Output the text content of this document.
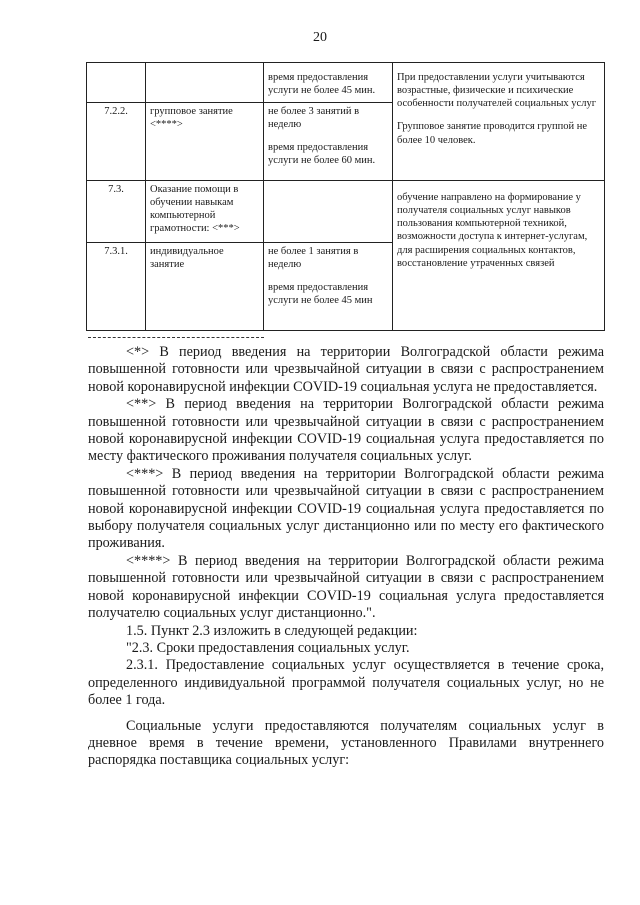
20

		время предоставления услуги не более 45 мин.	При предоставлении услуги учитываются возрастные, физические и психические особенности получателей социальных услуг
Групповое занятие проводится группой не более 10 человек.

7.2.2.	групповое занятие <****>	не более 3 занятий в неделю
время предоставления услуги не более 60 мин.	

7.3.	Оказание помощи в обучении навыкам компьютерной грамотности: <***>		обучение направлено на формирование у получателя социальных услуг навыков пользования компьютерной техникой, возможности доступа к интернет-услугам, для расширения социальных контактов, восстановление утраченных связей

7.3.1.	индивидуальное занятие	не более 1 занятия в неделю
время предоставления услуги не более 45 мин	

<*> В период введения на территории Волгоградской области режима повышенной готовности или чрезвычайной ситуации в связи с распространением новой коронавирусной инфекции COVID-19 социальная услуга не предоставляется.

<**> В период введения на территории Волгоградской области режима повышенной готовности или чрезвычайной ситуации в связи с распространением новой коронавирусной инфекции COVID-19 социальная услуга предоставляется по месту фактического проживания получателя социальных услуг.

<***> В период введения на территории Волгоградской области режима повышенной готовности или чрезвычайной ситуации в связи с распространением новой коронавирусной инфекции COVID-19 социальная услуга предоставляется по выбору получателя социальных услуг дистанционно или по месту его фактического проживания.

<****> В период введения на территории Волгоградской области режима повышенной готовности или чрезвычайной ситуации в связи с распространением новой коронавирусной инфекции COVID-19 социальная услуга предоставляется получателю социальных услуг дистанционно.".

1.5. Пункт 2.3 изложить в следующей редакции:

"2.3. Сроки предоставления социальных услуг.

2.3.1. Предоставление социальных услуг осуществляется в течение срока, определенного индивидуальной программой получателя социальных услуг, но не более 1 года.

Социальные услуги предоставляются получателям социальных услуг в дневное время в течение времени, установленного Правилами внутреннего распорядка поставщика социальных услуг:
